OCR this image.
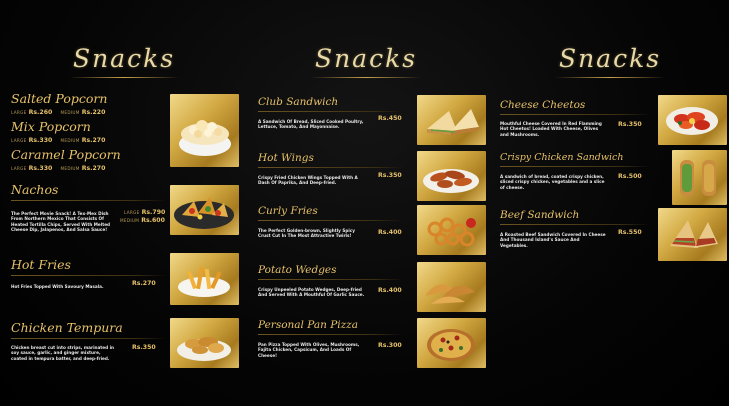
Snacks	Snacks	Snacks
Salted Popcorn
LARGE Rs.260 MEDIUM Rs.220
Mix Popcorn
LARGE Rs.330 MEDIUM Rs.270
Caramel Popcorn
LARGE Rs.330 MEDIUM Rs.270
Nachos
The Perfect Movie Snack! A Tex-Mex Dish From Northern Mexico That Consists Of Heated Tortilla Chips, Served With Melted Cheese Dip, Jalapenos, And Salsa Sauce!
LARGE Rs.790
MEDIUM Rs.600
Hot Fries
Hot Fries Topped With Savoury Masala.	Rs.270
Chicken Tempura
Chicken breast cut into strips, marinated in soy sauce, garlic, and ginger mixture, coated in tempura batter, and deep-fried.
Rs.350
Club Sandwich
A Sandwich Of Bread, Sliced Cooked Poultry, Lettuce, Tomato, And Mayonnaise.
Rs.450
Hot Wings
Crispy Fried Chicken Wings Topped With A Dash Of Paprika, And Deep-fried.
Rs.350
Curly Fries
The Perfect Golden-brown, Slightly Spicy Crust Cut In The Most Attractive Twirls!	Rs.400
Potato Wedges
Crispy Unpeeled Potato Wedges, Deep-fried And Served With A Mouthful Of Garlic Sauce.
Rs.400
Personal Pan Pizza
Pan Pizza Topped With Olives, Mushrooms, Fajita Chicken, Capsicum, And Loads Of Cheese!
Rs.300
Cheese Cheetos
Mouthful Cheese Covered In Red Flamming Hot Cheetos! Loaded With Cheese, Olives and Mushrooms.
Rs.350
Crispy Chicken Sandwich
A sandwich of bread, coated crispy chicken, sliced crispy chicken, vegetables and a slice of cheese.
Rs.500
Beef Sandwich
A Roasted Beef Sandwich Covered In Cheese And Thousand Island's Sauce And Vegetables.
Rs.550
